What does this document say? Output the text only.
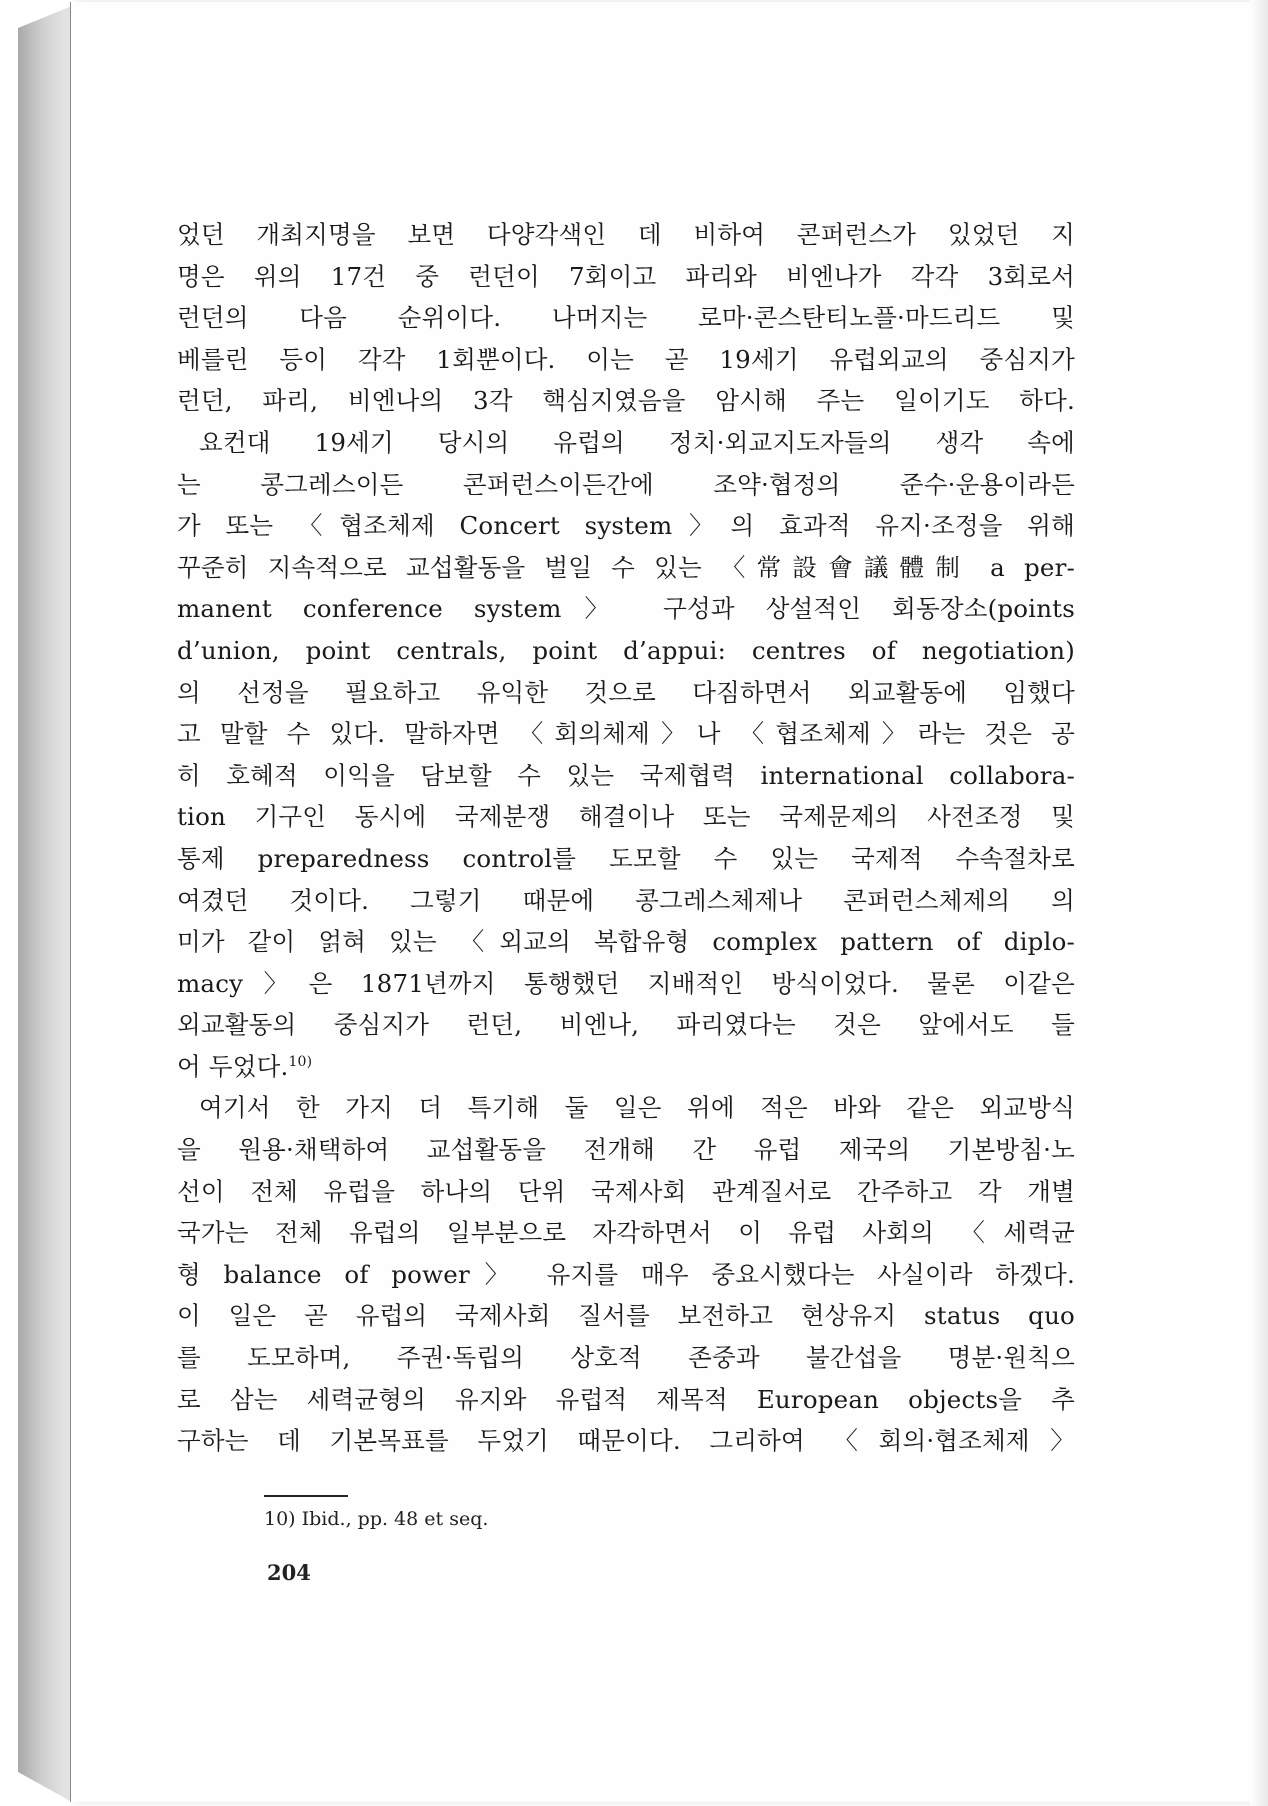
었던 개최지명을 보면 다양각색인 데 비하여 콘퍼런스가 있었던 지
명은 위의 17건 중 런던이 7회이고 파리와 비엔나가 각각 3회로서
런던의 다음 순위이다. 나머지는 로마·콘스탄티노플·마드리드 및
베를린 등이 각각 1회뿐이다. 이는 곧 19세기 유럽외교의 중심지가
런던, 파리, 비엔나의 3각 핵심지였음을 암시해 주는 일이기도 하다.
요컨대 19세기 당시의 유럽의 정치·외교지도자들의 생각 속에
는 콩그레스이든 콘퍼런스이든간에 조약·협정의 준수·운용이라든
가 또는 〈협조체제 Concert system〉의 효과적 유지·조정을 위해
꾸준히 지속적으로 교섭활동을 벌일 수 있는 〈常設會議體制 a per-
manent conference system〉 구성과 상설적인 회동장소(points
d’union, point centrals, point d’appui: centres of negotiation)
의 선정을 필요하고 유익한 것으로 다짐하면서 외교활동에 임했다
고 말할 수 있다. 말하자면 〈회의체제〉나 〈협조체제〉라는 것은 공
히 호혜적 이익을 담보할 수 있는 국제협력 international collabora-
tion 기구인 동시에 국제분쟁 해결이나 또는 국제문제의 사전조정 및
통제 preparedness control를 도모할 수 있는 국제적 수속절차로
여겼던 것이다. 그렇기 때문에 콩그레스체제나 콘퍼런스체제의 의
미가 같이 얽혀 있는 〈외교의 복합유형 complex pattern of diplo-
macy〉은 1871년까지 통행했던 지배적인 방식이었다. 물론 이같은
외교활동의 중심지가 런던, 비엔나, 파리였다는 것은 앞에서도 들
어 두었다.$^{10)}$
여기서 한 가지 더 특기해 둘 일은 위에 적은 바와 같은 외교방식
을 원용·채택하여 교섭활동을 전개해 간 유럽 제국의 기본방침·노
선이 전체 유럽을 하나의 단위 국제사회 관계질서로 간주하고 각 개별
국가는 전체 유럽의 일부분으로 자각하면서 이 유럽 사회의 〈세력균
형 balance of power〉 유지를 매우 중요시했다는 사실이라 하겠다.
이 일은 곧 유럽의 국제사회 질서를 보전하고 현상유지 status quo
를 도모하며, 주권·독립의 상호적 존중과 불간섭을 명분·원칙으
로 삼는 세력균형의 유지와 유럽적 제목적 European objects을 추
구하는 데 기본목표를 두었기 때문이다. 그리하여 〈회의·협조체제〉
10) Ibid., pp. 48 et seq.
204
